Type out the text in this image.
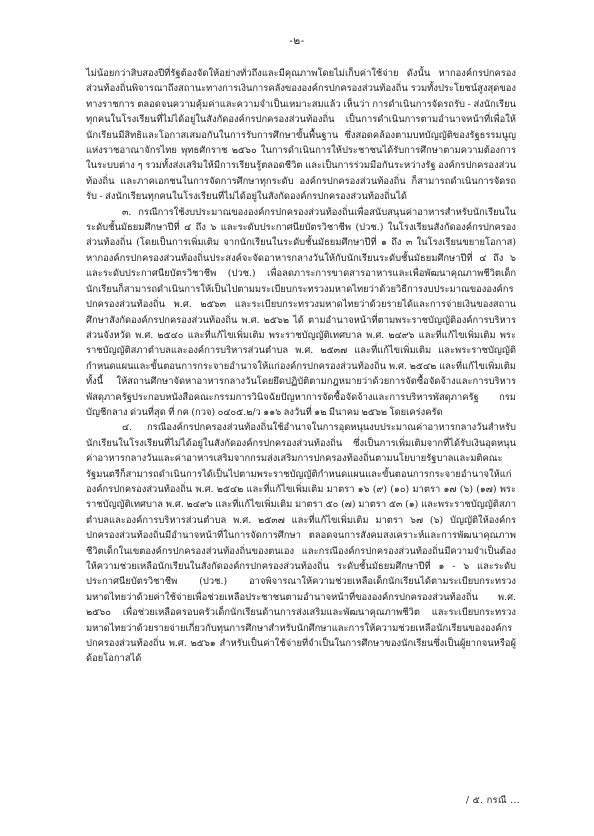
-๒-

ไม่น้อยกว่าสิบสองปีที่รัฐต้องจัดให้อย่างทั่วถึงและมีคุณภาพโดยไม่เก็บค่าใช้จ่าย ดังนั้น หากองค์กรปกครองส่วนท้องถิ่นพิจารณาถึงสถานะทางการเงินการคลังขององค์กรปกครองส่วนท้องถิ่น รวมทั้งประโยชน์สูงสุดของทางราชการ ตลอดจนความคุ้มค่าและความจำเป็นเหมาะสมแล้ว เห็นว่า การดำเนินการจัดรถรับ - ส่งนักเรียนทุกคนในโรงเรียนที่ไม่ได้อยู่ในสังกัดองค์กรปกครองส่วนท้องถิ่น เป็นการดำเนินการตามอำนาจหน้าที่เพื่อให้นักเรียนมีสิทธิและโอกาสเสมอกันในการรับการศึกษาขั้นพื้นฐาน ซึ่งสอดคล้องตามบทบัญญัติของรัฐธรรมนูญแห่งราชอาณาจักรไทย พุทธศักราช ๒๕๖๐ ในการดำเนินการให้ประชาชนได้รับการศึกษาตามความต้องการในระบบต่าง ๆ รวมทั้งส่งเสริมให้มีการเรียนรู้ตลอดชีวิต และเป็นการร่วมมือกันระหว่างรัฐ องค์กรปกครองส่วนท้องถิ่น และภาคเอกชนในการจัดการศึกษาทุกระดับ องค์กรปกครองส่วนท้องถิ่น ก็สามารถดำเนินการจัดรถรับ - ส่งนักเรียนทุกคนในโรงเรียนที่ไม่ได้อยู่ในสังกัดองค์กรปกครองส่วนท้องถิ่นได้

๓. กรณีการใช้งบประมาณขององค์กรปกครองส่วนท้องถิ่นเพื่อสนับสนุนค่าอาหารสำหรับนักเรียนในระดับชั้นมัธยมศึกษาปีที่ ๔ ถึง ๖ และระดับประกาศนียบัตรวิชาชีพ (ปวช.) ในโรงเรียนสังกัดองค์กรปกครองส่วนท้องถิ่น (โดยเป็นการเพิ่มเติม จากนักเรียนในระดับชั้นมัธยมศึกษาปีที่ ๑ ถึง ๓ ในโรงเรียนขยายโอกาส) หากองค์กรปกครองส่วนท้องถิ่นประสงค์จะจัดอาหารกลางวันให้กับนักเรียนระดับชั้นมัธยมศึกษาปีที่ ๔ ถึง ๖ และระดับประกาศนียบัตรวิชาชีพ (ปวช.) เพื่อลดภาระการขาดสารอาหารและเพื่อพัฒนาคุณภาพชีวิตเด็กนักเรียนก็สามารถดำเนินการให้เป็นไปตามมระเบียบกระทรวงมหาดไทยว่าด้วยวิธีการงบประมาณขององค์กรปกครองส่วนท้องถิ่น พ.ศ. ๒๕๖๓ และระเบียบกระทรวงมหาดไทยว่าด้วยรายได้และการจ่ายเงินของสถานศึกษาสังกัดองค์กรปกครองส่วนท้องถิ่น พ.ศ. ๒๕๖๒ ได้ ตามอำนาจหน้าที่ตามพระราชบัญญัติองค์การบริหารส่วนจังหวัด พ.ศ. ๒๕๔๐ และที่แก้ไขเพิ่มเติม พระราชบัญญัติเทศบาล พ.ศ. ๒๔๙๖ และที่แก้ไขเพิ่มเติม พระราชบัญญัติสภาตำบลและองค์การบริหารส่วนตำบล พ.ศ. ๒๕๓๗ และที่แก้ไขเพิ่มเติม และพระราชบัญญัติกำหนดแผนและขั้นตอนการกระจายอำนาจให้แก่องค์กรปกครองส่วนท้องถิ่น พ.ศ. ๒๕๔๒ และที่แก้ไขเพิ่มเติม ทั้งนี้ ให้สถานศึกษาจัดหาอาหารกลางวันโดยยึดปฏิบัติตามกฎหมายว่าด้วยการจัดซื้อจัดจ้างและการบริหารพัสดุภาครัฐประกอบหนังสือคณะกรรมการวินิจฉัยปัญหาการจัดซื้อจัดจ้างและการบริหารพัสดุภาครัฐ กรมบัญชีกลาง ด่วนที่สุด ที่ กค (กวจ) ๐๔๐๕.๒/ว ๑๑๖ ลงวันที่ ๑๒ มีนาคม ๒๕๖๒ โดยเคร่งครัด

๔. กรณีองค์กรปกครองส่วนท้องถิ่นใช้อำนาจในการอุดหนุนงบประมาณค่าอาหารกลางวันสำหรับนักเรียนในโรงเรียนที่ไม่ได้อยู่ในสังกัดองค์กรปกครองส่วนท้องถิ่น ซึ่งเป็นการเพิ่มเติมจากที่ได้รับเงินอุดหนุนค่าอาหารกลางวันและค่าอาหารเสริมจากกรมส่งเสริมการปกครองท้องถิ่นตามนโยบายรัฐบาลและมติคณะรัฐมนตรีก็สามารถดำเนินการได้เป็นไปตามพระราชบัญญัติกำหนดแผนและขั้นตอนการกระจายอำนาจให้แก่องค์กรปกครองส่วนท้องถิ่น พ.ศ. ๒๕๔๒ และที่แก้ไขเพิ่มเติม มาตรา ๑๖ (๙) (๑๐) มาตรา ๑๗ (๖) (๑๗) พระราชบัญญัติเทศบาล พ.ศ. ๒๔๙๖ และที่แก้ไขเพิ่มเติม มาตรา ๕๐ (๗) มาตรา ๕๓ (๑) และพระราชบัญญัติสภาตำบลและองค์การบริหารส่วนตำบล พ.ศ. ๒๕๓๗ และที่แก้ไขเพิ่มเติม มาตรา ๖๗ (๖) บัญญัติให้องค์กรปกครองส่วนท้องถิ่นมีอำนาจหน้าที่ในการจัดการศึกษา ตลอดจนการสังคมสงเคราะห์และการพัฒนาคุณภาพชีวิตเด็กในเขตองค์กรปกครองส่วนท้องถิ่นของตนเอง และกรณีองค์กรปกครองส่วนท้องถิ่นมีความจำเป็นต้องให้ความช่วยเหลือนักเรียนในสังกัดองค์กรปกครองส่วนท้องถิ่น ระดับชั้นมัธยมศึกษาปีที่ ๑ - ๖ และระดับประกาศนียบัตรวิชาชีพ (ปวช.) อาจพิจารณาให้ความช่วยเหลือเด็กนักเรียนได้ตามระเบียบกระทรวงมหาดไทยว่าด้วยค่าใช้จ่ายเพื่อช่วยเหลือประชาชนตามอำนาจหน้าที่ขององค์กรปกครองส่วนท้องถิ่น พ.ศ. ๒๕๖๐ เพื่อช่วยเหลือครอบครัวเด็กนักเรียนด้านการส่งเสริมและพัฒนาคุณภาพชีวิต และระเบียบกระทรวงมหาดไทยว่าด้วยรายจ่ายเกี่ยวกับทุนการศึกษาสำหรับนักศึกษาและการให้ความช่วยเหลือนักเรียนขององค์กรปกครองส่วนท้องถิ่น พ.ศ. ๒๕๖๑ สำหรับเป็นค่าใช้จ่ายที่จำเป็นในการศึกษาของนักเรียนซึ่งเป็นผู้ยากจนหรือผู้ด้อยโอกาสได้

/ ๕. กรณี ...
